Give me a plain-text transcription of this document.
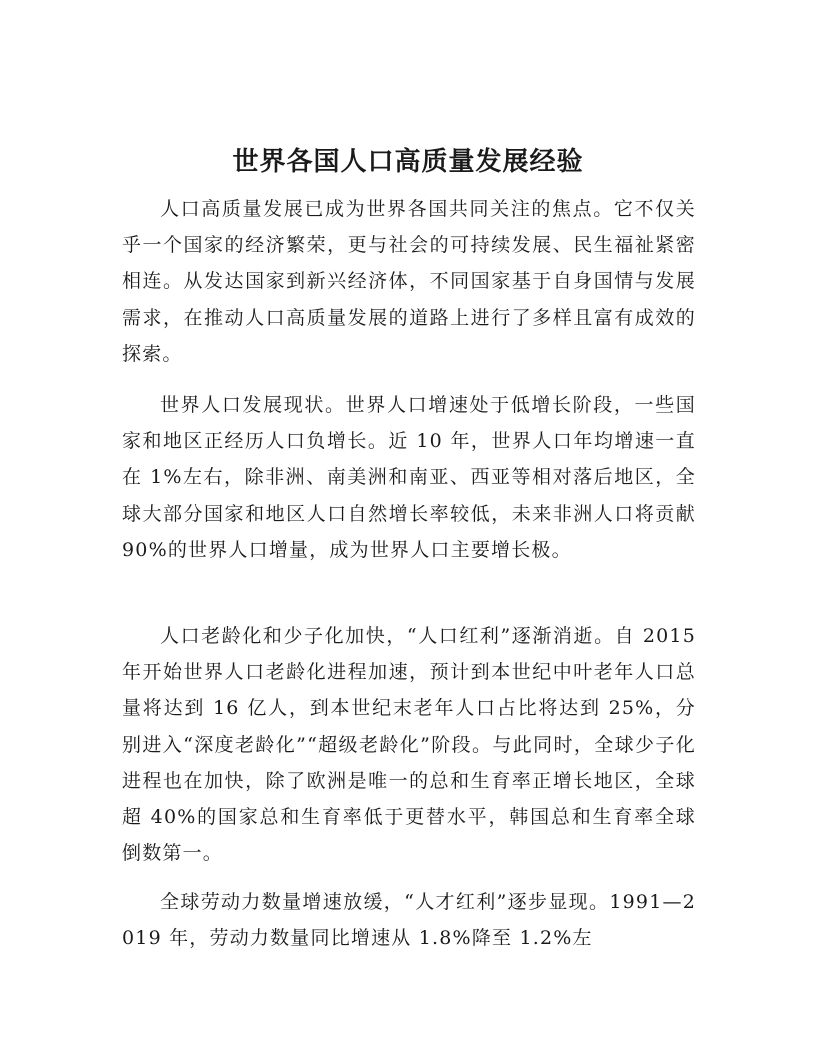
世界各国人口高质量发展经验

人口高质量发展已成为世界各国共同关注的焦点。它不仅关乎一个国家的经济繁荣，更与社会的可持续发展、民生福祉紧密相连。从发达国家到新兴经济体，不同国家基于自身国情与发展需求，在推动人口高质量发展的道路上进行了多样且富有成效的探索。

世界人口发展现状。世界人口增速处于低增长阶段，一些国家和地区正经历人口负增长。近 10 年，世界人口年均增速一直在 1%左右，除非洲、南美洲和南亚、西亚等相对落后地区，全球大部分国家和地区人口自然增长率较低，未来非洲人口将贡献 90%的世界人口增量，成为世界人口主要增长极。

人口老龄化和少子化加快，“人口红利”逐渐消逝。自 2015 年开始世界人口老龄化进程加速，预计到本世纪中叶老年人口总量将达到 16 亿人，到本世纪末老年人口占比将达到 25%，分别进入“深度老龄化”“超级老龄化”阶段。与此同时，全球少子化进程也在加快，除了欧洲是唯一的总和生育率正增长地区，全球超 40%的国家总和生育率低于更替水平，韩国总和生育率全球倒数第一。

全球劳动力数量增速放缓，“人才红利”逐步显现。1991—2019 年，劳动力数量同比增速从 1.8%降至 1.2%左
